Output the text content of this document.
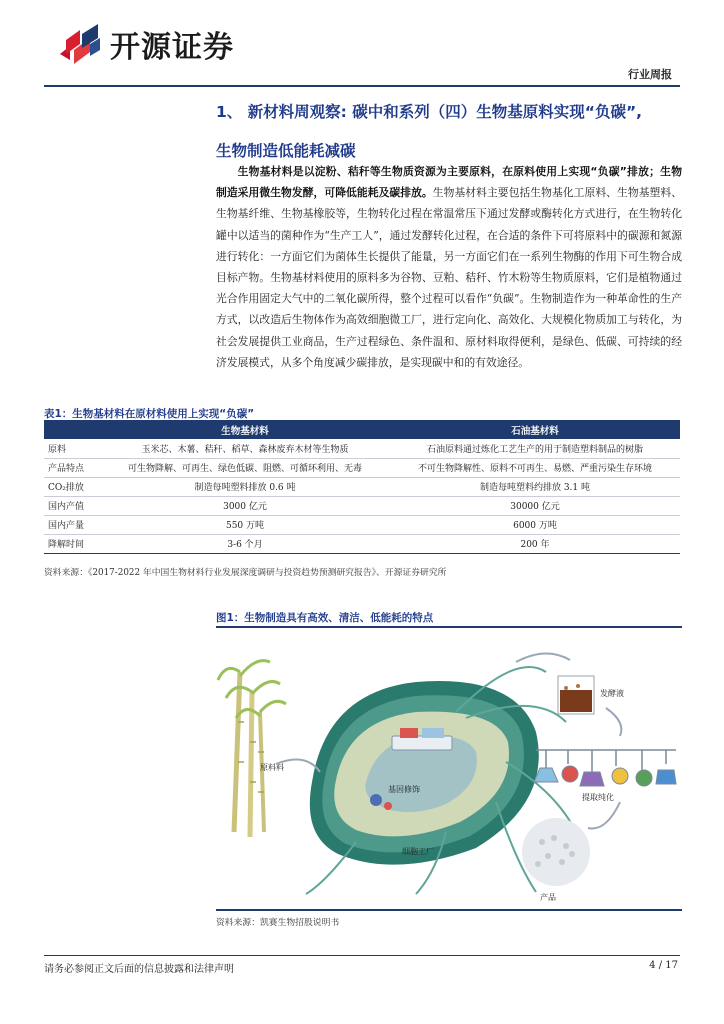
开源证券
行业周报
1、 新材料周观察: 碳中和系列（四）生物基原料实现“负碳”,
生物制造低能耗减碳
生物基材料是以淀粉、秸秆等生物质资源为主要原料，在原料使用上实现“负碳”排放；生物制造采用微生物发酵，可降低能耗及碳排放。生物基材料主要包括生物基化工原料、生物基塑料、生物基纤维、生物基橡胶等，生物转化过程在常温常压下通过发酵或酶转化方式进行，在生物转化罐中以适当的菌种作为“生产工人”，通过发酵转化过程，在合适的条件下可将原料中的碳源和氮源进行转化：一方面它们为菌体生长提供了能量，另一方面它们在一系列生物酶的作用下可生物合成目标产物。生物基材料使用的原料多为谷物、豆粕、秸秆、竹木粉等生物质原料，它们是植物通过光合作用固定大气中的二氧化碳所得，整个过程可以看作“负碳”。生物制造作为一种革命性的生产方式，以改造后生物体作为高效细胞微工厂，进行定向化、高效化、大规模化物质加工与转化，为社会发展提供工业商品，生产过程绿色、条件温和、原材料取得便利，是绿色、低碳、可持续的经济发展模式，从多个角度减少碳排放，是实现碳中和的有效途径。
表1：生物基材料在原材料使用上实现“负碳”
	生物基材料	石油基材料
原料	玉米芯、木薯、秸秆、稻草、森林废弃木材等生物质	石油原料通过炼化工艺生产的用于制造塑料制品的树脂
产品特点	可生物降解、可再生、绿色低碳、阻燃、可循环利用、无毒	不可生物降解性、原料不可再生、易燃、严重污染生存环境
CO₂排放	制造每吨塑料排放 0.6 吨	制造每吨塑料约排放 3.1 吨
国内产值	3000 亿元	30000 亿元
国内产量	550 万吨	6000 万吨
降解时间	3-6 个月	200 年
资料来源：《2017-2022 年中国生物材料行业发展深度调研与投资趋势预测研究报告》、开源证券研究所
图1：生物制造具有高效、清洁、低能耗的特点
原料料
基因修饰
细胞工厂
发酵液
提取纯化
产品
资料来源：凯赛生物招股说明书
请务必参阅正文后面的信息披露和法律声明	4 / 17
